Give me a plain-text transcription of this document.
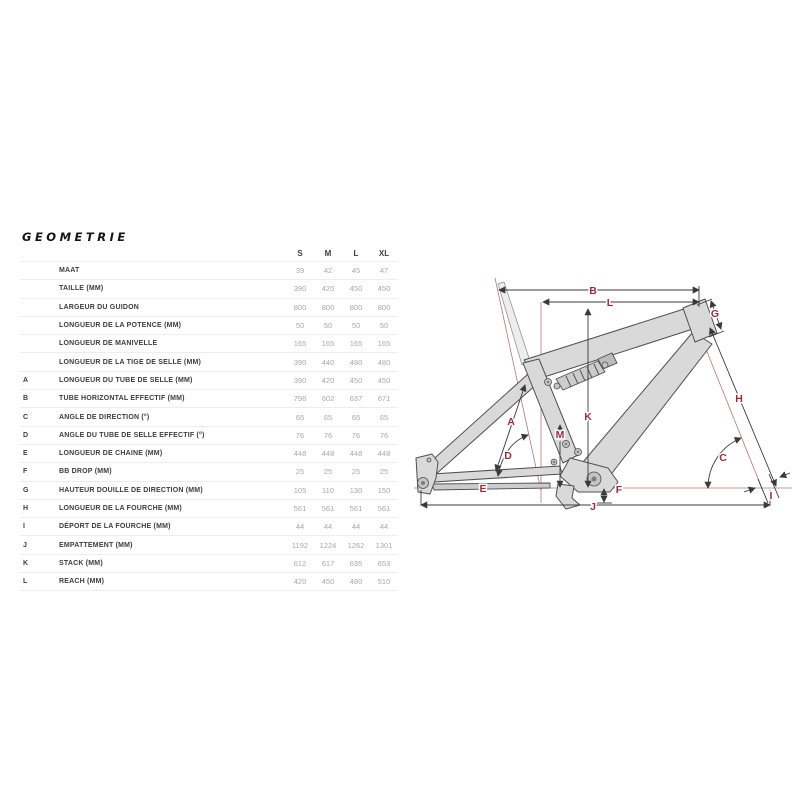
GEOMETRIE
S	M	L	XL
MAAT	39	42	45	47
TAILLE (MM)	390	420	450	450
LARGEUR DU GUIDON	800	800	800	800
LONGUEUR DE LA POTENCE (MM)	50	50	50	50
LONGUEUR DE MANIVELLE	165	165	165	165
LONGUEUR DE LA TIGE DE SELLE (MM)	390	440	480	480
A	LONGUEUR DU TUBE DE SELLE (MM)	390	420	450	450
B	TUBE HORIZONTAL EFFECTIF (MM)	796	602	637	671
C	ANGLE DE DIRECTION (°)	65	65	65	65
D	ANGLE DU TUBE DE SELLE EFFECTIF (°)	76	76	76	76
E	LONGUEUR DE CHAINE (MM)	448	448	448	448
F	BB DROP (MM)	25	25	25	25
G	HAUTEUR DOUILLE DE DIRECTION (MM)	105	110	130	150
H	LONGUEUR DE LA FOURCHE (MM)	561	561	561	561
I	DÉPORT DE LA FOURCHE (MM)	44	44	44	44
J	EMPATTEMENT (MM)	1192	1224	1262	1301
K	STACK (MM)	612	617	635	653
L	REACH (MM)	420	450	480	510
B
L
G
H
K
M
A
D
E	F
C
I
J
